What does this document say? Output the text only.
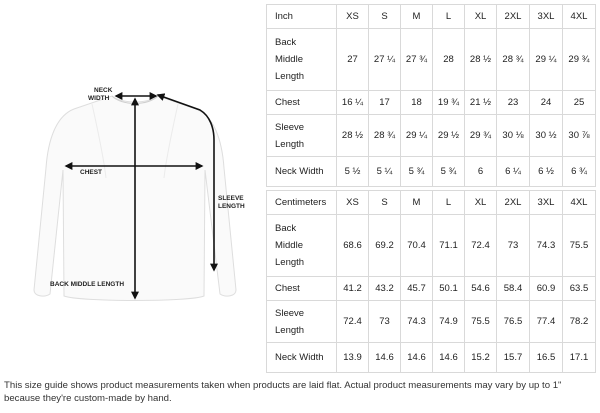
NECK WIDTH
CHEST
SLEEVE LENGTH
BACK MIDDLE LENGTH
Inch	XS	S	M	L	XL	2XL	3XL	4XL

Back
Middle
Length	27	27 ¼	27 ¾	28	28 ½	28 ¾	29 ¼	29 ¾

Chest	16 ¼	17	18	19 ¾	21 ½	23	24	25

Sleeve
Length	28 ½	28 ¾	29 ¼	29 ½	29 ¾	30 ⅛	30 ½	30 ⅞

Neck Width	5 ½	5 ¼	5 ¾	5 ¾	6	6 ¼	6 ½	6 ¾
Centimeters	XS	S	M	L	XL	2XL	3XL	4XL

Back
Middle
Length	68.6	69.2	70.4	71.1	72.4	73	74.3	75.5

Chest	41.2	43.2	45.7	50.1	54.6	58.4	60.9	63.5

Sleeve
Length	72.4	73	74.3	74.9	75.5	76.5	77.4	78.2

Neck Width	13.9	14.6	14.6	14.6	15.2	15.7	16.5	17.1
This size guide shows product measurements taken when products are laid flat. Actual product measurements may vary by up to 1"
because they're custom-made by hand.
